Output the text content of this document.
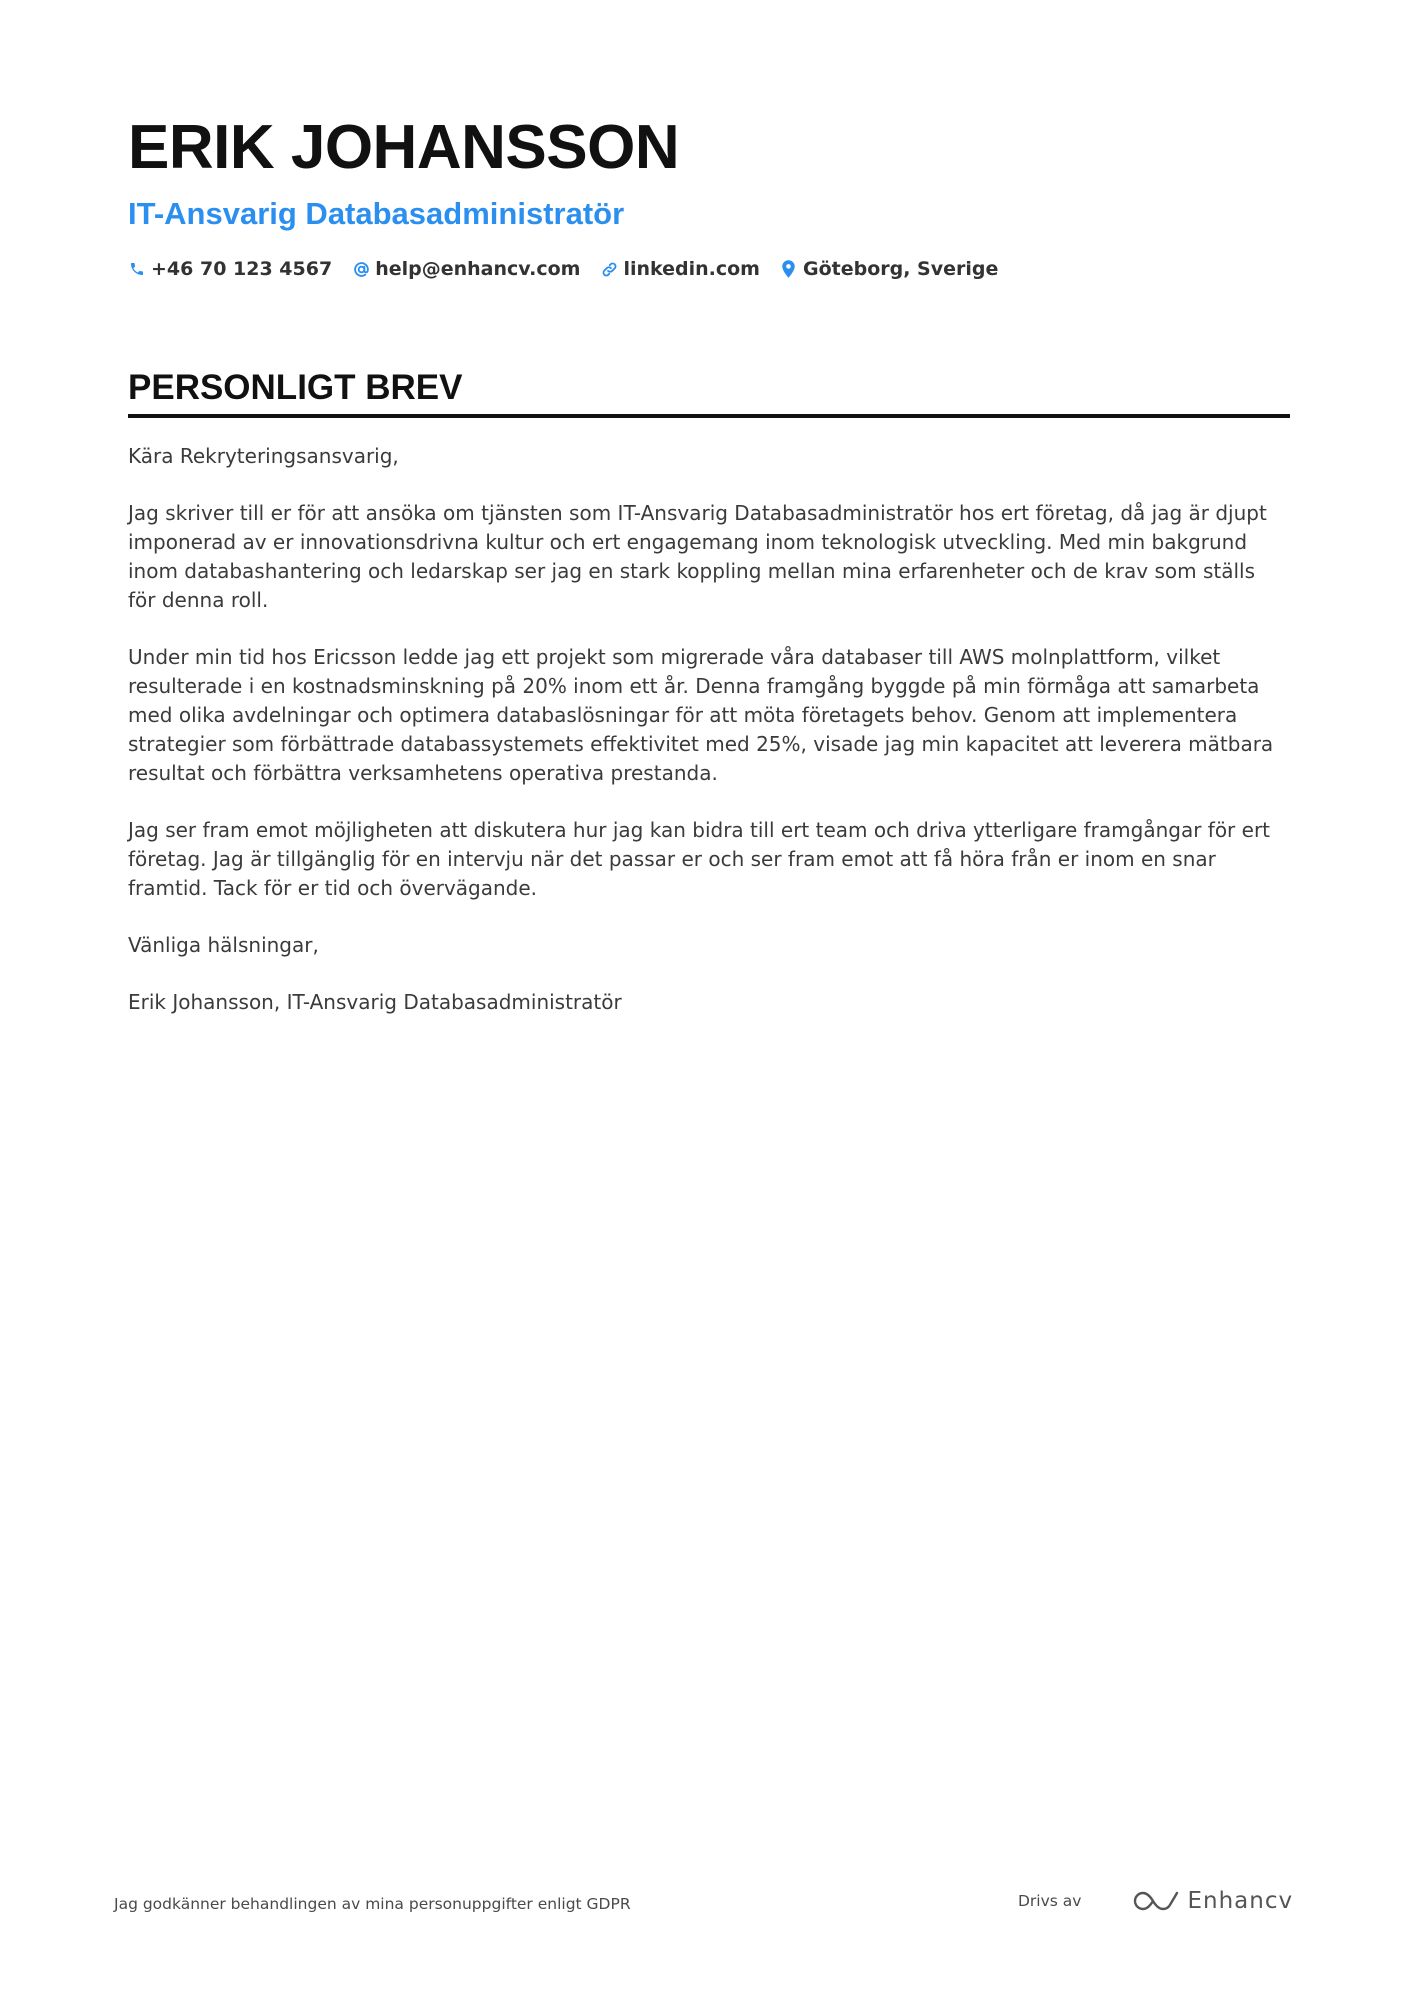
ERIK JOHANSSON
IT-Ansvarig Databasadministratör
+46 70 123 4567 help@enhancv.com linkedin.com Göteborg, Sverige
PERSONLIGT BREV

Kära Rekryteringsansvarig,

Jag skriver till er för att ansöka om tjänsten som IT-Ansvarig Databasadministratör hos ert företag, då jag är djupt imponerad av er innovationsdrivna kultur och ert engagemang inom teknologisk utveckling. Med min bakgrund inom databashantering och ledarskap ser jag en stark koppling mellan mina erfarenheter och de krav som ställs för denna roll.

Under min tid hos Ericsson ledde jag ett projekt som migrerade våra databaser till AWS molnplattform, vilket resulterade i en kostnadsminskning på 20% inom ett år. Denna framgång byggde på min förmåga att samarbeta med olika avdelningar och optimera databaslösningar för att möta företagets behov. Genom att implementera strategier som förbättrade databassystemets effektivitet med 25%, visade jag min kapacitet att leverera mätbara resultat och förbättra verksamhetens operativa prestanda.

Jag ser fram emot möjligheten att diskutera hur jag kan bidra till ert team och driva ytterligare framgångar för ert företag. Jag är tillgänglig för en intervju när det passar er och ser fram emot att få höra från er inom en snar framtid. Tack för er tid och övervägande.

Vänliga hälsningar,

Erik Johansson, IT-Ansvarig Databasadministratör

Jag godkänner behandlingen av mina personuppgifter enligt GDPR	Drivs av	Enhancv
